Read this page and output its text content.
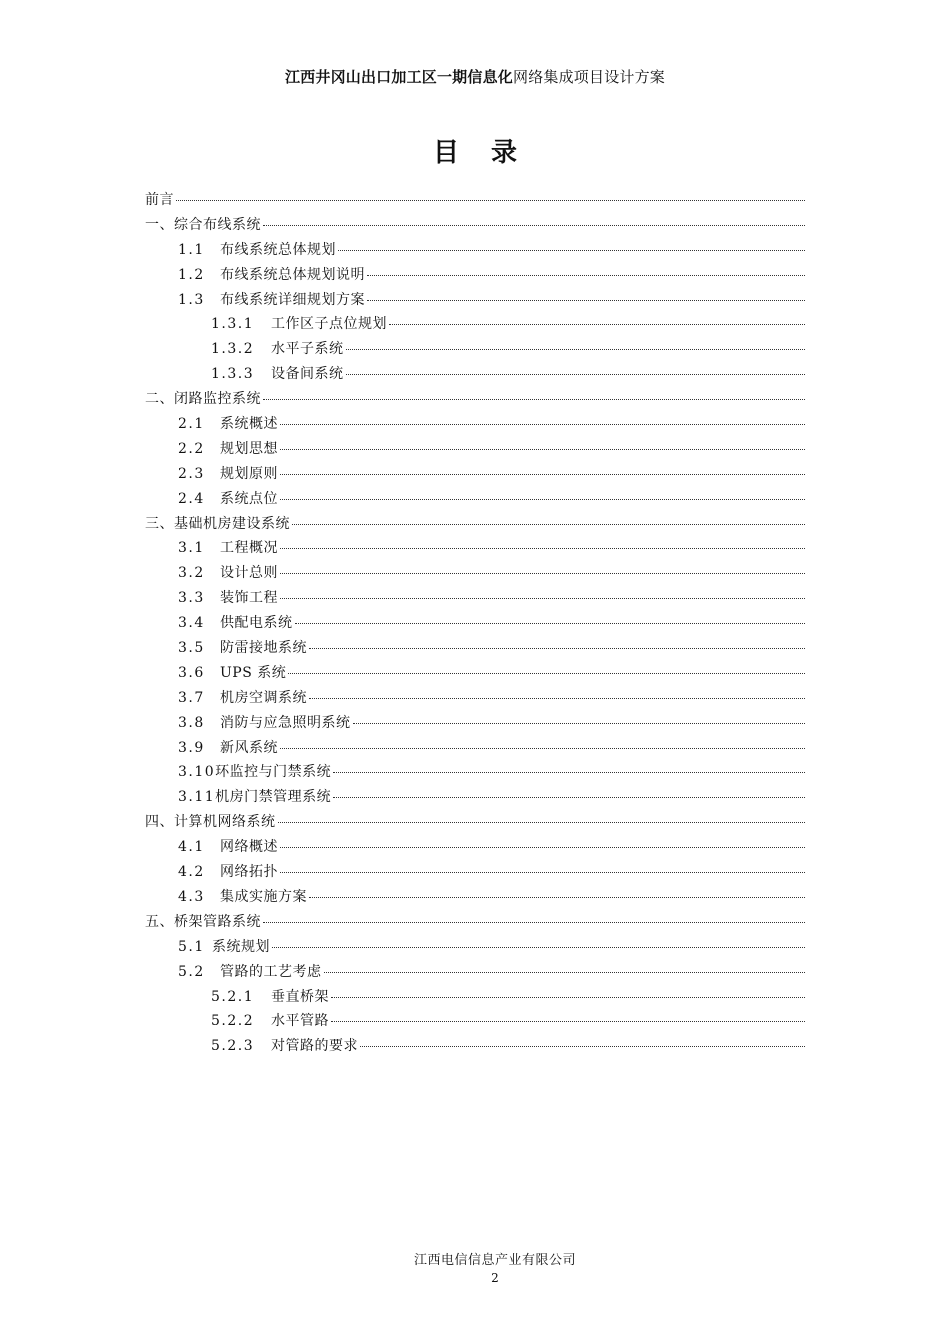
江西井冈山出口加工区一期信息化网络集成项目设计方案
目录
前言
一、综合布线系统
1.1	布线系统总体规划
1.2	布线系统总体规划说明
1.3	布线系统详细规划方案
1.3.1	工作区子点位规划
1.3.2	水平子系统
1.3.3	设备间系统
二、闭路监控系统
2.1	系统概述
2.2	规划思想
2.3	规划原则
2.4	系统点位
三、基础机房建设系统
3.1	工程概况
3.2	设计总则
3.3	装饰工程
3.4	供配电系统
3.5	防雷接地系统
3.6	UPS 系统
3.7	机房空调系统
3.8	消防与应急照明系统
3.9	新风系统
3.10 环监控与门禁系统
3.11 机房门禁管理系统
四、计算机网络系统
4.1	网络概述
4.2	网络拓扑
4.3	集成实施方案
五、桥架管路系统
5.1 系统规划
5.2	管路的工艺考虑
5.2.1	垂直桥架
5.2.2	水平管路
5.2.3	对管路的要求
江西电信信息产业有限公司
2
